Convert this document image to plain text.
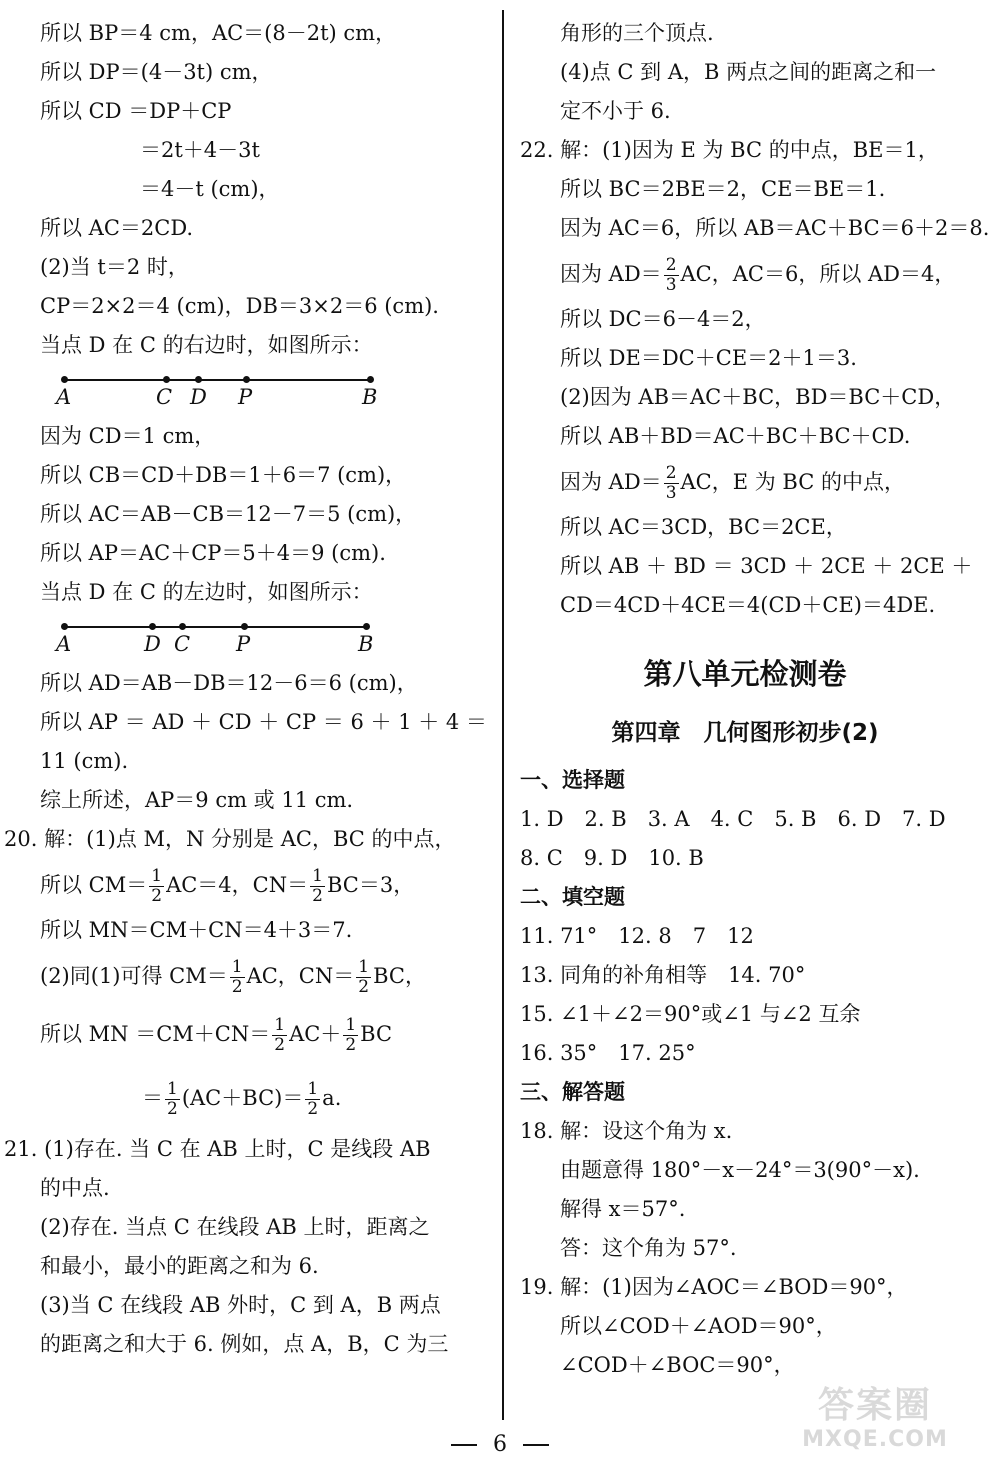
所以 BP＝4 cm，AC＝(8－2t) cm，
所以 DP＝(4－3t) cm，
所以 CD ＝DP＋CP
＝2t＋4－3t
＝4－t (cm)，
所以 AC＝2CD.
(2)当 t＝2 时，
CP＝2×2＝4 (cm)，DB＝3×2＝6 (cm).
当点 D 在 C 的右边时，如图所示：
A	C D P	B
因为 CD＝1 cm，
所以 CB＝CD＋DB＝1＋6＝7 (cm)，
所以 AC＝AB－CB＝12－7＝5 (cm)，
所以 AP＝AC＋CP＝5＋4＝9 (cm).
当点 D 在 C 的左边时，如图所示：
A	D C P	B
所以 AD＝AB－DB＝12－6＝6 (cm)，
所以 AP ＝ AD ＋ CD ＋ CP ＝ 6 ＋ 1 ＋ 4 ＝
11 (cm).
综上所述，AP＝9 cm 或 11 cm.
20. 解：(1)点 M，N 分别是 AC，BC 的中点，
所以 $CM= \frac{1}{2} AC=4$，$CN= \frac{1}{2} BC=3$，
所以 MN＝CM＋CN＝4＋3＝7.
(2)同(1)可得 $CM= \frac{1}{2}$ AC，$CN= \frac{1}{2}$ BC，
所以 MN $=CM+CN= \frac{1}{2} AC+ \frac{1}{2}$ BC
＝ $\frac{1}{2} (AC+BC)= \frac{1}{2} a$.
21. (1)存在. 当 C 在 AB 上时，C 是线段 AB
的中点.
(2)存在. 当点 C 在线段 AB 上时，距离之
和最小，最小的距离之和为 6.
(3)当 C 在线段 AB 外时，C 到 A，B 两点
的距离之和大于 6. 例如，点 A，B，C 为三
角形的三个顶点.
(4)点 C 到 A，B 两点之间的距离之和一
定不小于 6.
22. 解：(1)因为 E 为 BC 的中点，BE＝1，
所以 BC＝2BE＝2，CE＝BE＝1.
因为 AC＝6，所以 AB＝AC＋BC＝6＋2＝8.
因为 $AD= \frac{2}{3}$ AC，AC＝6，所以 AD＝4，
所以 DC＝6－4＝2，
所以 DE＝DC＋CE＝2＋1＝3.
(2)因为 AB＝AC＋BC，BD＝BC＋CD，
所以 AB＋BD＝AC＋BC＋BC＋CD.
因为 $AD= \frac{2}{3}$ AC，E 为 BC 的中点，
所以 AC＝3CD，BC＝2CE，
所以 AB ＋ BD ＝ 3CD ＋ 2CE ＋ 2CE ＋
CD＝4CD＋4CE＝4(CD＋CE)＝4DE.
第八单元检测卷
第四章　几何图形初步(2)
一、选择题
1. D　2. B　3. A　4. C　5. B　6. D　7. D
8. C　9. D　10. B
二、填空题
11. 71°　12. 8　7　12
13. 同角的补角相等　14. 70°
15. ∠1＋∠2＝90°或∠1 与∠2 互余
16. 35°　17. 25°
三、解答题
18. 解：设这个角为 x.
由题意得 180°－x－24°＝3(90°－x).
解得 x＝57°.
答：这个角为 57°.
19. 解：(1)因为∠AOC＝∠BOD＝90°，
所以∠COD＋∠AOD＝90°，
∠COD＋∠BOC＝90°，
6
答案圈
MXQE.COM
